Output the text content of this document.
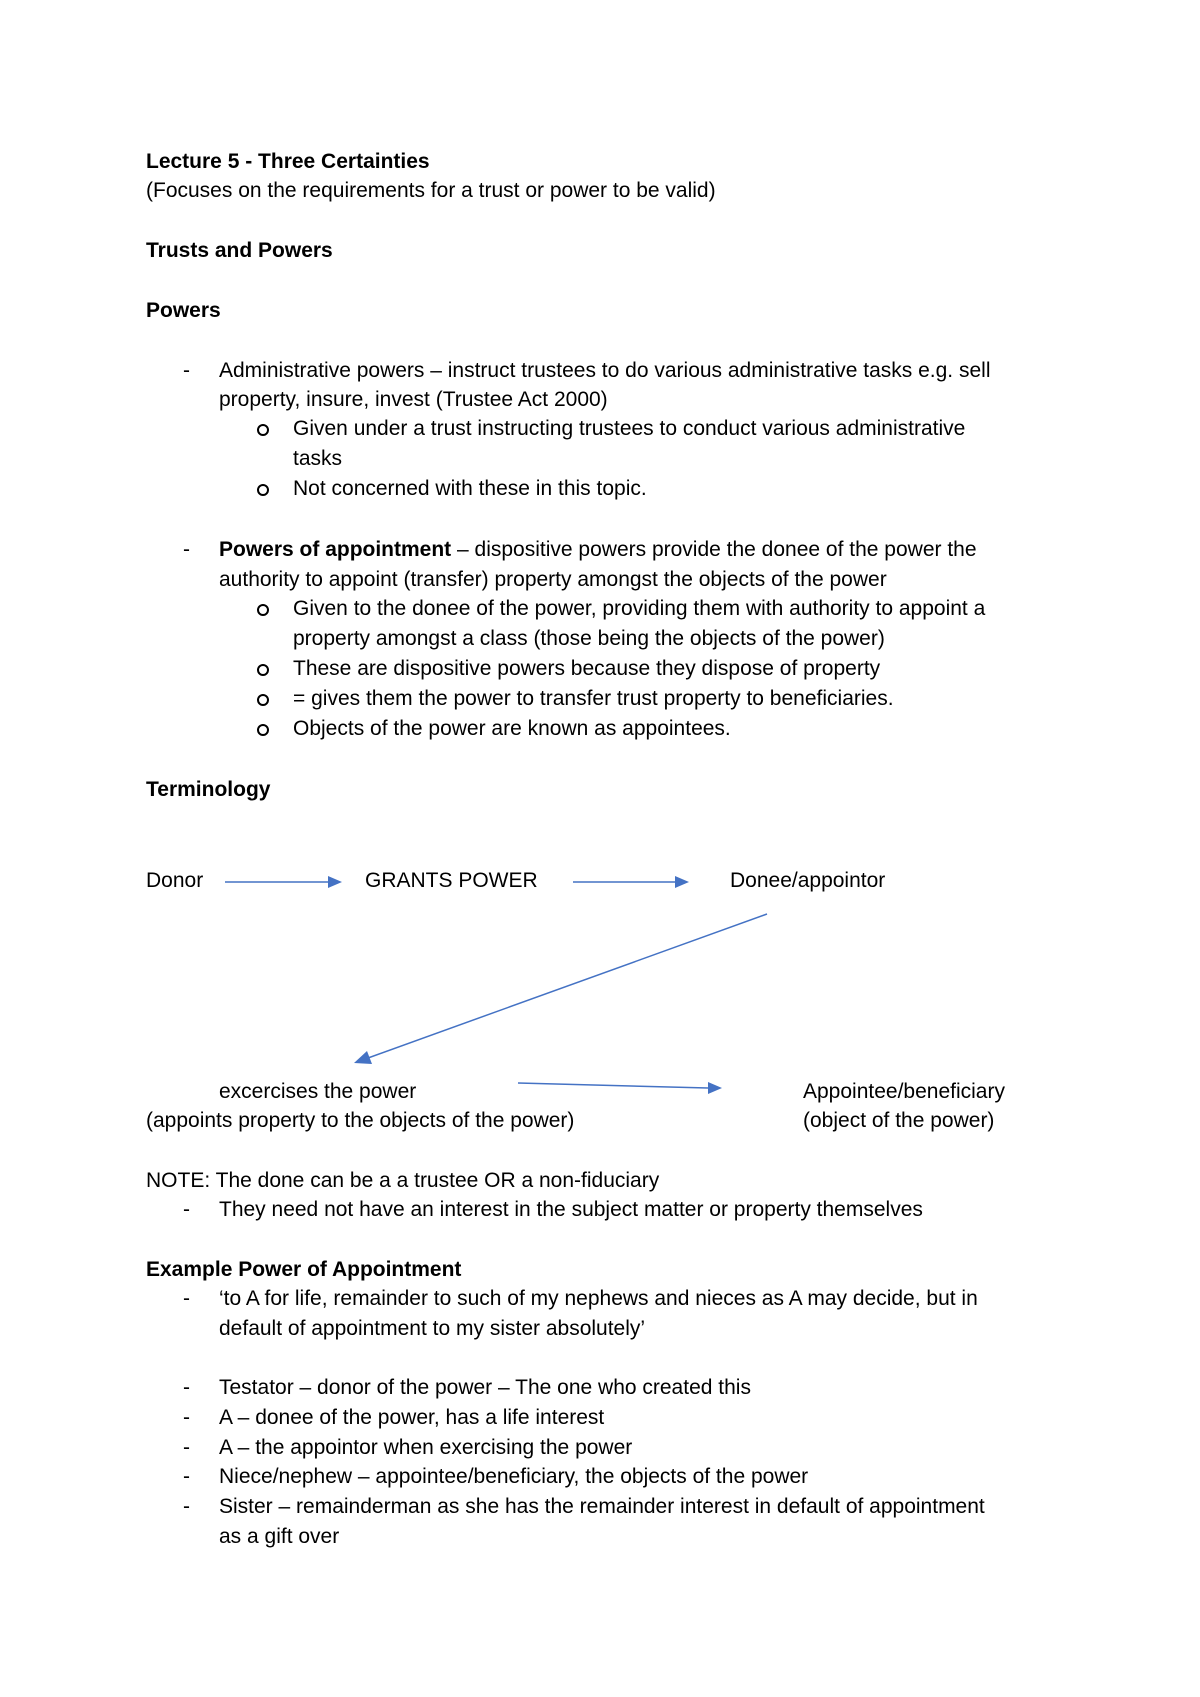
Lecture 5 - Three Certainties
(Focuses on the requirements for a trust or power to be valid)
Trusts and Powers
Powers
- Administrative powers – instruct trustees to do various administrative tasks e.g. sell
property, insure, invest (Trustee Act 2000)
Given under a trust instructing trustees to conduct various administrative
tasks
Not concerned with these in this topic.
- Powers of appointment – dispositive powers provide the donee of the power the
authority to appoint (transfer) property amongst the objects of the power
Given to the donee of the power, providing them with authority to appoint a
property amongst a class (those being the objects of the power)
These are dispositive powers because they dispose of property
= gives them the power to transfer trust property to beneficiaries.
Objects of the power are known as appointees.
Terminology
Donor	GRANTS POWER	Donee/appointor
excercises the power
(appoints property to the objects of the power)
Appointee/beneficiary
(object of the power)
NOTE: The done can be a a trustee OR a non-fiduciary
- They need not have an interest in the subject matter or property themselves
Example Power of Appointment
- ‘to A for life, remainder to such of my nephews and nieces as A may decide, but in
default of appointment to my sister absolutely’
- Testator – donor of the power – The one who created this
- A – donee of the power, has a life interest
- A – the appointor when exercising the power
- Niece/nephew – appointee/beneficiary, the objects of the power
- Sister – remainderman as she has the remainder interest in default of appointment
as a gift over
